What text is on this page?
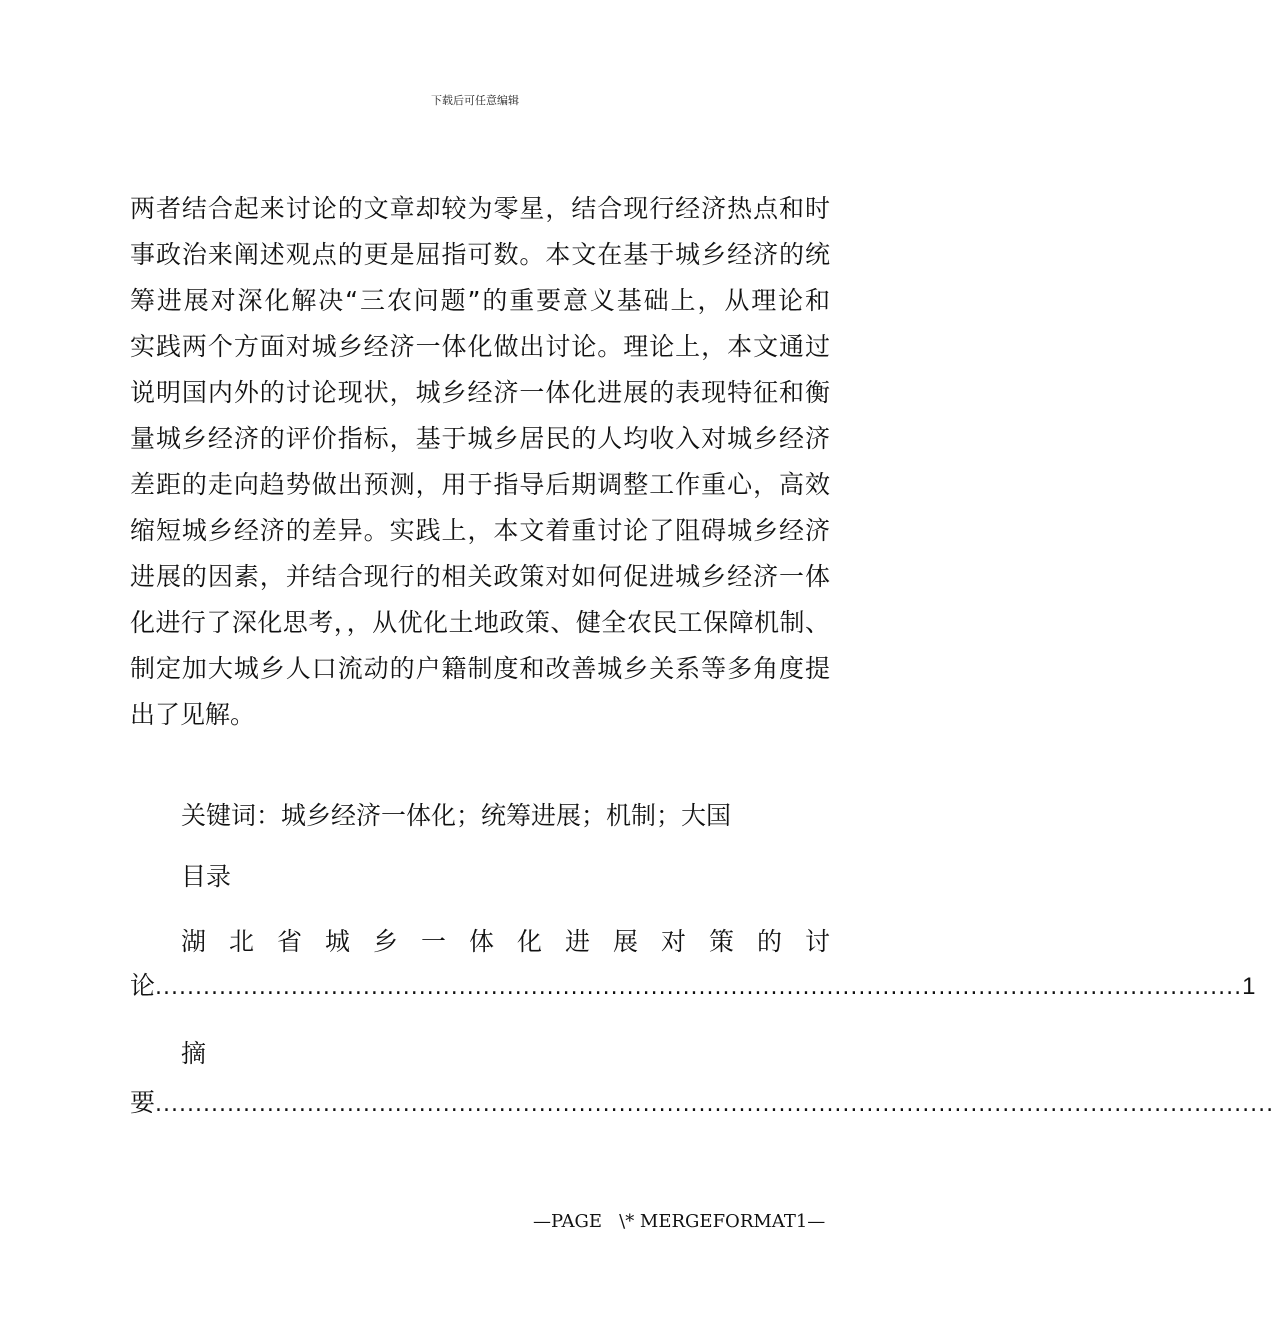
下载后可任意编辑
两者结合起来讨论的文章却较为零星，结合现行经济热点和时
事政治来阐述观点的更是屈指可数。本文在基于城乡经济的统
筹进展对深化解决“三农问题”的重要意义基础上，从理论和
实践两个方面对城乡经济一体化做出讨论。理论上，本文通过
说明国内外的讨论现状，城乡经济一体化进展的表现特征和衡
量城乡经济的评价指标，基于城乡居民的人均收入对城乡经济
差距的走向趋势做出预测，用于指导后期调整工作重心，高效
缩短城乡经济的差异。实践上，本文着重讨论了阻碍城乡经济
进展的因素，并结合现行的相关政策对如何促进城乡经济一体
化进行了深化思考，，从优化土地政策、健全农民工保障机制、
制定加大城乡人口流动的户籍制度和改善城乡关系等多角度提
出了见解。
关键词：城乡经济一体化；统筹进展；机制；大国
目录
湖北省城乡一体化进展对策的讨
论 ........................................................................................................................................ 1
摘
要 ............................................................................................................................................
—PAGE   \* MERGEFORMAT1—
